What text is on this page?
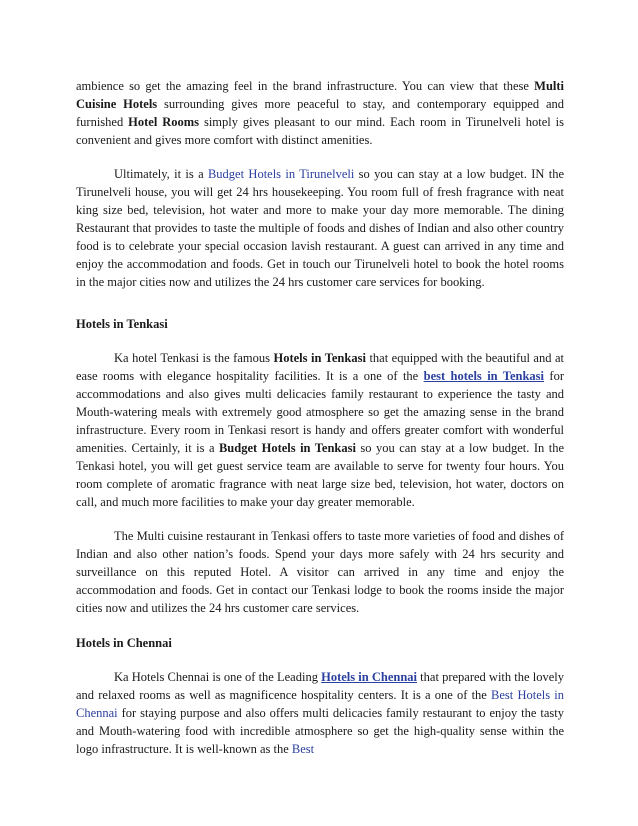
ambience so get the amazing feel in the brand infrastructure. You can view that these Multi Cuisine Hotels surrounding gives more peaceful to stay, and contemporary equipped and furnished Hotel Rooms simply gives pleasant to our mind. Each room in Tirunelveli hotel is convenient and gives more comfort with distinct amenities.

Ultimately, it is a Budget Hotels in Tirunelveli so you can stay at a low budget. IN the Tirunelveli house, you will get 24 hrs housekeeping. You room full of fresh fragrance with neat king size bed, television, hot water and more to make your day more memorable. The dining Restaurant that provides to taste the multiple of foods and dishes of Indian and also other country food is to celebrate your special occasion lavish restaurant. A guest can arrived in any time and enjoy the accommodation and foods. Get in touch our Tirunelveli hotel to book the hotel rooms in the major cities now and utilizes the 24 hrs customer care services for booking.

Hotels in Tenkasi

Ka hotel Tenkasi is the famous Hotels in Tenkasi that equipped with the beautiful and at ease rooms with elegance hospitality facilities. It is a one of the best hotels in Tenkasi for accommodations and also gives multi delicacies family restaurant to experience the tasty and Mouth-watering meals with extremely good atmosphere so get the amazing sense in the brand infrastructure. Every room in Tenkasi resort is handy and offers greater comfort with wonderful amenities. Certainly, it is a Budget Hotels in Tenkasi so you can stay at a low budget. In the Tenkasi hotel, you will get guest service team are available to serve for twenty four hours. You room complete of aromatic fragrance with neat large size bed, television, hot water, doctors on call, and much more facilities to make your day greater memorable.

The Multi cuisine restaurant in Tenkasi offers to taste more varieties of food and dishes of Indian and also other nation’s foods. Spend your days more safely with 24 hrs security and surveillance on this reputed Hotel. A visitor can arrived in any time and enjoy the accommodation and foods. Get in contact our Tenkasi lodge to book the rooms inside the major cities now and utilizes the 24 hrs customer care services.

Hotels in Chennai

Ka Hotels Chennai is one of the Leading Hotels in Chennai that prepared with the lovely and relaxed rooms as well as magnificence hospitality centers. It is a one of the Best Hotels in Chennai for staying purpose and also offers multi delicacies family restaurant to enjoy the tasty and Mouth-watering food with incredible atmosphere so get the high-quality sense within the logo infrastructure. It is well-known as the Best
